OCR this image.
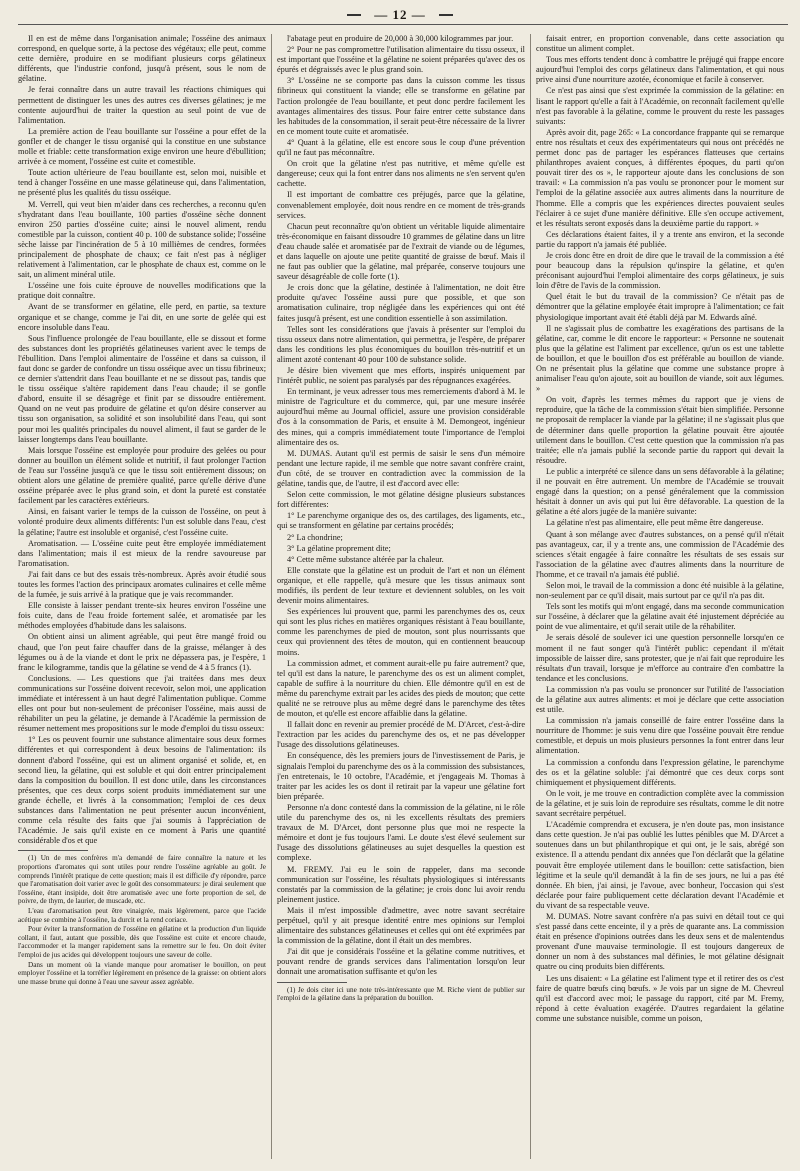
— 12 —

Il en est de même dans l'organisation animale; l'osséine des animaux correspond, en quelque sorte, à la pectose des végétaux; elle peut, comme cette dernière, produire en se modifiant plusieurs corps gélatineux différents, que l'industrie confond, jusqu'à présent, sous le nom de gélatine.

Je ferai connaître dans un autre travail les réactions chimiques qui permettent de distinguer les unes des autres ces diverses gélatines; je me contente aujourd'hui de traiter la question au seul point de vue de l'alimentation.

La première action de l'eau bouillante sur l'osséine a pour effet de la gonfler et de changer le tissu organisé qui la constitue en une substance molle et friable: cette transformation exige environ une heure d'ébullition; arrivée à ce moment, l'osséine est cuite et comestible.

Toute action ultérieure de l'eau bouillante est, selon moi, nuisible et tend à changer l'osséine en une masse gélatineuse qui, dans l'alimentation, ne présenté plus les qualités du tissu osséique.

M. Verrell, qui veut bien m'aider dans ces recherches, a reconnu qu'en s'hydratant dans l'eau bouillante, 100 parties d'osséine sèche donnent environ 250 parties d'osséine cuite; ainsi le nouvel aliment, rendu comestible par la cuisson, contient 40 p. 100 de substance solide; l'osséine sèche laisse par l'incinération de 5 à 10 millièmes de cendres, formées principalement de phosphate de chaux; ce fait n'est pas à négliger relativement à l'alimentation, car le phosphate de chaux est, comme on le sait, un aliment minéral utile.

L'osséine une fois cuite éprouve de nouvelles modifications que la pratique doit connaître.

Avant de se transformer en gélatine, elle perd, en partie, sa texture organique et se change, comme je l'ai dit, en une sorte de gelée qui est encore insoluble dans l'eau.

Sous l'influence prolongée de l'eau bouillante, elle se dissout et forme des substances dont les propriétés gélatineuses varient avec le temps de l'ébullition. Dans l'emploi alimentaire de l'osséine et dans sa cuisson, il faut donc se garder de confondre un tissu osséique avec un tissu fibrineux; ce dernier s'attendrit dans l'eau bouillante et ne se dissout pas, tandis que le tissu osséique s'altère rapidement dans l'eau chaude; il se gonfle d'abord, ensuite il se désagrège et finit par se dissoudre entièrement. Quand on ne veut pas produire de gélatine et qu'on désire conserver au tissu son organisation, sa solidité et son insolubilité dans l'eau, qui sont pour moi les qualités principales du nouvel aliment, il faut se garder de le laisser longtemps dans l'eau bouillante.

Mais lorsque l'osséine est employée pour produire des gelées ou pour donner au bouillon un élément solide et nutritif, il faut prolonger l'action de l'eau sur l'osséine jusqu'à ce que le tissu soit entièrement dissous; on obtient alors une gélatine de première qualité, parce qu'elle dérive d'une osséine préparée avec le plus grand soin, et dont la pureté est constatée facilement par les caractères extérieurs.

Ainsi, en faisant varier le temps de la cuisson de l'osséine, on peut à volonté produire deux aliments différents: l'un est soluble dans l'eau, c'est la gélatine; l'autre est insoluble et organisé, c'est l'osséine cuite.

Aromatisation. — L'osséine cuite peut être employée immédiatement dans l'alimentation; mais il est mieux de la rendre savoureuse par l'aromatisation.

J'ai fait dans ce but des essais très-nombreux. Après avoir étudié sous toutes les formes l'action des principaux aromates culinaires et celle même de la fumée, je suis arrivé à la pratique que je vais recommander.

Elle consiste à laisser pendant trente-six heures environ l'osséine une fois cuite, dans de l'eau froide fortement salée, et aromatisée par les méthodes employées d'habitude dans les salaisons.

On obtient ainsi un aliment agréable, qui peut être mangé froid ou chaud, que l'on peut faire chauffer dans de la graisse, mélanger à des légumes ou à de la viande et dont le prix ne dépassera pas, je l'espère, 1 franc le kilogramme, tandis que la gélatine se vend de 4 à 5 francs (1).

Conclusions. — Les questions que j'ai traitées dans mes deux communications sur l'osséine doivent recevoir, selon moi, une application immédiate et intéressent à un haut degré l'alimentation publique. Comme elles ont pour but non-seulement de préconiser l'osséine, mais aussi de réhabiliter un peu la gélatine, je demande à l'Académie la permission de résumer nettement mes propositions sur le mode d'emploi du tissu osseux:

1° Les os peuvent fournir une substance alimentaire sous deux formes différentes et qui correspondent à deux besoins de l'alimentation: ils donnent d'abord l'osséine, qui est un aliment organisé et solide, et, en second lieu, la gélatine, qui est soluble et qui doit entrer principalement dans la composition du bouillon. Il est donc utile, dans les circonstances présentes, que ces deux corps soient produits immédiatement sur une grande échelle, et livrés à la consommation; l'emploi de ces deux substances dans l'alimentation ne peut présenter aucun inconvénient, comme cela résulte des faits que j'ai soumis à l'appréciation de l'Académie. Je sais qu'il existe en ce moment à Paris une quantité considérable d'os et que

(1) Un de mes confrères m'a demandé de faire connaître la nature et les proportions d'aromates qui sont utiles pour rendre l'osséine agréable au goût. Je comprends l'intérêt pratique de cette question; mais il est difficile d'y répondre, parce que l'aromatisation doit varier avec le goût des consommateurs: je dirai seulement que l'osséine, étant insipide, doit être aromatisée avec une forte proportion de sel, de poivre, de thym, de laurier, de muscade, etc.

L'eau d'aromatisation peut être vinaigrée, mais légèrement, parce que l'acide acétique se combine à l'osséine, la durcit et la rend coriace.

Pour éviter la transformation de l'osséine en gélatine et la production d'un liquide collant, il faut, autant que possible, dès que l'osséine est cuite et encore chaude, l'accommoder et la manger rapidement sans la remettre sur le feu. On doit éviter l'emploi de jus acides qui développent toujours une saveur de colle.

Dans un moment où la viande manque pour aromatiser le bouillon, on peut employer l'osséine et la torréfier légèrement en présence de la graisse: on obtient alors une masse brune qui donne à l'eau une saveur assez agréable.

l'abatage peut en produire de 20,000 à 30,000 kilogrammes par jour.

2° Pour ne pas compromettre l'utilisation alimentaire du tissu osseux, il est important que l'osséine et la gélatine ne soient préparées qu'avec des os épurés et dégraissés avec le plus grand soin.

3° L'osséine ne se comporte pas dans la cuisson comme les tissus fibrineux qui constituent la viande; elle se transforme en gélatine par l'action prolongée de l'eau bouillante, et peut donc perdre facilement les avantages alimentaires des tissus. Pour faire entrer cette substance dans les habitudes de la consommation, il serait peut-être nécessaire de la livrer en ce moment toute cuite et aromatisée.

4° Quant à la gélatine, elle est encore sous le coup d'une prévention qu'il ne faut pas méconnaître.

On croit que la gélatine n'est pas nutritive, et même qu'elle est dangereuse; ceux qui la font entrer dans nos aliments ne s'en servent qu'en cachette.

Il est important de combattre ces préjugés, parce que la gélatine, convenablement employée, doit nous rendre en ce moment de très-grands services.

Chacun peut reconnaître qu'on obtient un véritable liquide alimentaire très-économique en faisant dissoudre 10 grammes de gélatine dans un litre d'eau chaude salée et aromatisée par de l'extrait de viande ou de légumes, et dans laquelle on ajoute une petite quantité de graisse de bœuf. Mais il ne faut pas oublier que la gélatine, mal préparée, conserve toujours une saveur désagréable de colle forte (1).

Je crois donc que la gélatine, destinée à l'alimentation, ne doit être produite qu'avec l'osséine aussi pure que possible, et que son aromatisation culinaire, trop négligée dans les expériences qui ont été faites jusqu'à présent, est une condition essentielle à son assimilation.

Telles sont les considérations que j'avais à présenter sur l'emploi du tissu osseux dans notre alimentation, qui permettra, je l'espère, de préparer dans les conditions les plus économiques du bouillon très-nutritif et un aliment azoté contenant 40 pour 100 de substance solide.

Je désire bien vivement que mes efforts, inspirés uniquement par l'intérêt public, ne soient pas paralysés par des répugnances exagérées.

En terminant, je veux adresser tous mes remerciements d'abord à M. le ministre de l'agriculture et du commerce, qui, par une mesure insérée aujourd'hui même au Journal officiel, assure une provision considérable d'os à la consommation de Paris, et ensuite à M. Demongeot, ingénieur des mines, qui a compris immédiatement toute l'importance de l'emploi alimentaire des os.

M. DUMAS. Autant qu'il est permis de saisir le sens d'un mémoire pendant une lecture rapide, il me semble que notre savant confrère craint, d'un côté, de se trouver en contradiction avec la commission de la gélatine, tandis que, de l'autre, il est d'accord avec elle:

Selon cette commission, le mot gélatine désigne plusieurs substances fort différentes:

1° Le parenchyme organique des os, des cartilages, des ligaments, etc., qui se transforment en gélatine par certains procédés;

2° La chondrine;

3° La gélatine proprement dite;

4° Cette même substance altérée par la chaleur.

Elle constate que la gélatine est un produit de l'art et non un élément organique, et elle rappelle, qu'à mesure que les tissus animaux sont modifiés, ils perdent de leur texture et deviennent solubles, on les voit devenir moins alimentaires.

Ses expériences lui prouvent que, parmi les parenchymes des os, ceux qui sont les plus riches en matières organiques résistant à l'eau bouillante, comme les parenchymes de pied de mouton, sont plus nourrissants que ceux qui proviennent des têtes de mouton, qui en contiennent beaucoup moins.

La commission admet, et comment aurait-elle pu faire autrement? que, tel qu'il est dans la nature, le parenchyme des os est un aliment complet, capable de suffire à la nourriture du chien. Elle démontre qu'il en est de même du parenchyme extrait par les acides des pieds de mouton; que cette qualité ne se retrouve plus au même degré dans le parenchyme des têtes de mouton, et qu'elle est encore affaiblie dans la gélatine.

Il fallait donc en revenir au premier procédé de M. D'Arcet, c'est-à-dire l'extraction par les acides du parenchyme des os, et ne pas développer l'usage des dissolutions gélatineuses.

En conséquence, dès les premiers jours de l'investissement de Paris, je signalais l'emploi du parenchyme des os à la commission des subsistances, j'en entretenais, le 10 octobre, l'Académie, et j'engageais M. Thomas à traiter par les acides les os dont il retirait par la vapeur une gélatine fort bien préparée.

Personne n'a donc contesté dans la commission de la gélatine, ni le rôle utile du parenchyme des os, ni les excellents résultats des premiers travaux de M. D'Arcet, dont personne plus que moi ne respecte la mémoire et dont je fus toujours l'ami. Le doute s'est élevé seulement sur l'usage des dissolutions gélatineuses au sujet desquelles la question est complexe.

M. FREMY. J'ai eu le soin de rappeler, dans ma seconde communication sur l'osséine, les résultats physiologiques si intéressants constatés par la commission de la gélatine; je crois donc lui avoir rendu pleinement justice.

Mais il m'est impossible d'admettre, avec notre savant secrétaire perpétuel, qu'il y ait presque identité entre mes opinions sur l'emploi alimentaire des substances gélatineuses et celles qui ont été exprimées par la commission de la gélatine, dont il était un des membres.

J'ai dit que je considérais l'osséine et la gélatine comme nutritives, et pouvant rendre de grands services dans l'alimentation lorsqu'on leur donnait une aromatisation suffisante et qu'on les

(1) Je dois citer ici une note très-intéressante que M. Riche vient de publier sur l'emploi de la gélatine dans la préparation du bouillon.

faisait entrer, en proportion convenable, dans cette association qu constitue un aliment complet.

Tous mes efforts tendent donc à combattre le préjugé qui frappe encore aujourd'hui l'emploi des corps gélatineux dans l'alimentation, et qui nous prive ainsi d'une nourriture azotée, économique et facile à conserver.

Ce n'est pas ainsi que s'est exprimée la commission de la gélatine: en lisant le rapport qu'elle a fait à l'Académie, on reconnaît facilement qu'elle n'est pas favorable à la gélatine, comme le prouvent du reste les passages suivants:

Après avoir dit, page 265: « La concordance frappante qui se remarque entre nos résultats et ceux des expérimentateurs qui nous ont précédés ne permet donc pas de partager les espérances flatteuses que certains philanthropes avaient conçues, à différentes époques, du parti qu'on pouvait tirer des os », le rapporteur ajoute dans les conclusions de son travail: « La commission n'a pas voulu se prononcer pour le moment sur l'emploi de la gélatine associée aux autres aliments dans la nourriture de l'homme. Elle a compris que les expériences directes pouvaient seules l'éclairer à ce sujet d'une manière définitive. Elle s'en occupe activement, et les résultats seront exposés dans la deuxième partie du rapport. »

Ces déclarations étaient faites, il y a trente ans environ, et la seconde partie du rapport n'a jamais été publiée.

Je crois donc être en droit de dire que le travail de la commission a été pour beaucoup dans la répulsion qu'inspire la gélatine, et qu'en préconisant aujourd'hui l'emploi alimentaire des corps gélatineux, je suis loin d'être de l'avis de la commission.

Quel était le but du travail de la commission? Ce n'était pas de démontrer que la gélatine employée était impropre à l'alimentation; ce fait physiologique important avait été établi déjà par M. Edwards aîné.

Il ne s'agissait plus de combattre les exagérations des partisans de la gélatine, car, comme le dit encore le rapporteur: « Personne ne soutenait plus que la gélatine est l'aliment par excellence, qu'un os est une tablette de bouillon, et que le bouillon d'os est préférable au bouillon de viande. On ne présentait plus la gélatine que comme une substance propre à animaliser l'eau qu'on ajoute, soit au bouillon de viande, soit aux légumes. »

On voit, d'après les termes mêmes du rapport que je viens de reproduire, que la tâche de la commission s'était bien simplifiée. Personne ne proposait de remplacer la viande par la gélatine; il ne s'agissait plus que de déterminer dans quelle proportion la gélatine pouvait être ajoutée utilement dans le bouillon. C'est cette question que la commission n'a pas traitée; elle n'a jamais publié la seconde partie du rapport qui devait la résoudre.

Le public a interprété ce silence dans un sens défavorable à la gélatine; il ne pouvait en être autrement. Un membre de l'Académie se trouvait engagé dans la question; on a pensé généralement que la commission hésitait à donner un avis qui put lui être défavorable. La question de la gélatine a été alors jugée de la manière suivante:

La gélatine n'est pas alimentaire, elle peut même être dangereuse.

Quant à son mélange avec d'autres substances, on a pensé qu'il n'était pas avantageux, car, il y a trente ans, une commission de l'Académie des sciences s'était engagée à faire connaître les résultats de ses essais sur l'association de la gélatine avec d'autres aliments dans la nourriture de l'homme, et ce travail n'a jamais été publié.

Selon moi, le travail de la commission a donc été nuisible à la gélatine, non-seulement par ce qu'il disait, mais surtout par ce qu'il n'a pas dit.

Tels sont les motifs qui m'ont engagé, dans ma seconde communication sur l'osséine, à déclarer que la gélatine avait été injustement dépréciée au point de vue alimentaire, et qu'il serait utile de la réhabiliter.

Je serais désolé de soulever ici une question personnelle lorsqu'en ce moment il ne faut songer qu'à l'intérêt public: cependant il m'était impossible de laisser dire, sans protester, que je n'ai fait que reproduire les résultats d'un travail, lorsque je m'efforce au contraire d'en combattre la tendance et les conclusions.

La commission n'a pas voulu se prononcer sur l'utilité de l'association de la gélatine aux autres aliments: et moi je déclare que cette association est utile.

La commission n'a jamais conseillé de faire entrer l'osséine dans la nourriture de l'homme: je suis venu dire que l'osséine pouvait être rendue comestible, et depuis un mois plusieurs personnes la font entrer dans leur alimentation.

La commission a confondu dans l'expression gélatine, le parenchyme des os et la gélatine soluble: j'ai démontré que ces deux corps sont chimiquement et physiquement différents.

On le voit, je me trouve en contradiction complète avec la commission de la gélatine, et je suis loin de reproduire ses résultats, comme le dit notre savant secrétaire perpétuel.

L'Académie comprendra et excusera, je n'en doute pas, mon insistance dans cette question. Je n'ai pas oublié les luttes pénibles que M. D'Arcet a soutenues dans un but philanthropique et qui ont, je le sais, abrégé son existence. Il a attendu pendant dix années que l'on déclarât que la gélatine pouvait être employée utilement dans le bouillon: cette satisfaction, bien légitime et la seule qu'il demandât à la fin de ses jours, ne lui a pas été donnée. Eh bien, j'ai ainsi, je l'avoue, avec bonheur, l'occasion qui s'est déclarée pour faire publiquement cette déclaration devant l'Académie et du vivant de sa respectable veuve.

M. DUMAS. Notre savant confrère n'a pas suivi en détail tout ce qui s'est passé dans cette enceinte, il y a près de quarante ans. La commission était en présence d'opinions outrées dans les deux sens et de malentendus provenant d'une mauvaise terminologie. Il est toujours dangereux de donner un nom à des substances mal définies, le mot gélatine désignait quatre ou cinq produits bien différents.

Les uns disaient: « La gélatine est l'aliment type et il retirer des os c'est faire de quatre bœufs cinq bœufs. » Je vois par un signe de M. Chevreul qu'il est d'accord avec moi; le passage du rapport, cité par M. Fremy, répond à cette évaluation exagérée. D'autres regardaient la gélatine comme une substance nuisible, comme un poison,
